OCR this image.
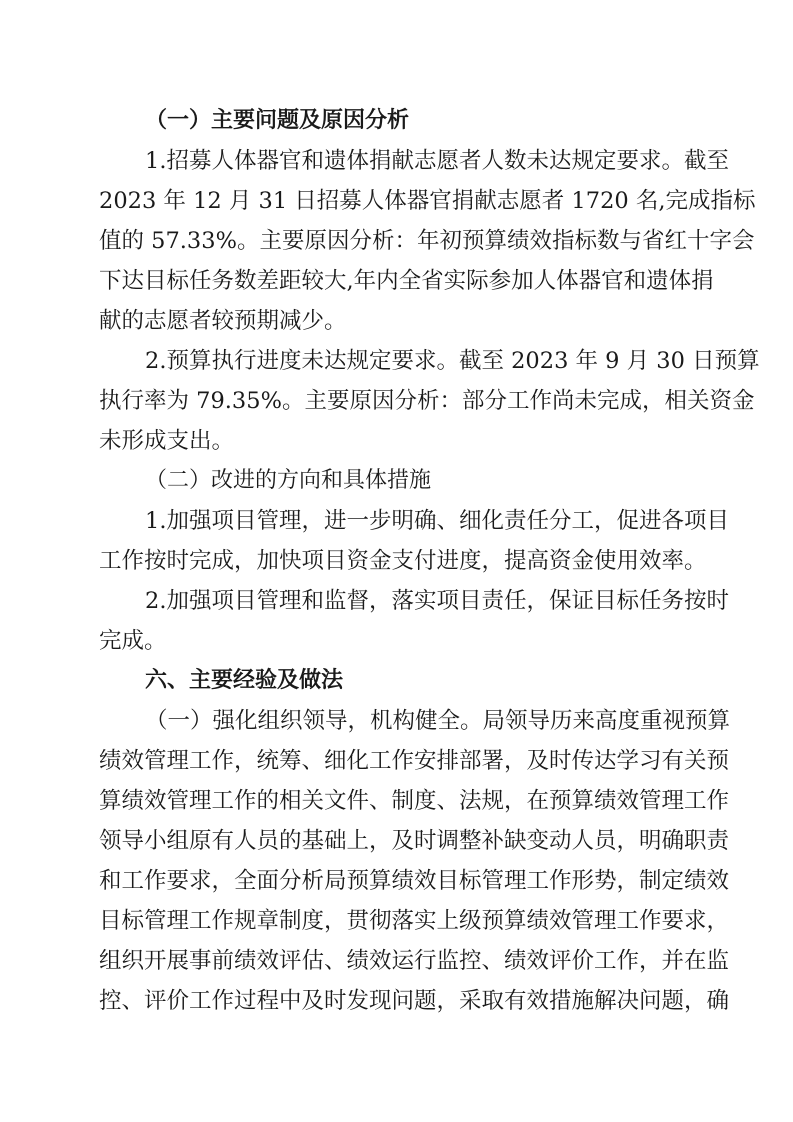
（一）主要问题及原因分析
1.招募人体器官和遗体捐献志愿者人数未达规定要求。截至
2023 年 12 月 31 日招募人体器官捐献志愿者 1720 名,完成指标
值的 57.33%。主要原因分析：年初预算绩效指标数与省红十字会
下达目标任务数差距较大,年内全省实际参加人体器官和遗体捐
献的志愿者较预期减少。
2.预算执行进度未达规定要求。截至 2023 年 9 月 30 日预算
执行率为 79.35%。主要原因分析：部分工作尚未完成，相关资金
未形成支出。
（二）改进的方向和具体措施
1.加强项目管理，进一步明确、细化责任分工，促进各项目
工作按时完成，加快项目资金支付进度，提高资金使用效率。
2.加强项目管理和监督，落实项目责任，保证目标任务按时
完成。
六、主要经验及做法
（一）强化组织领导，机构健全。局领导历来高度重视预算
绩效管理工作，统筹、细化工作安排部署，及时传达学习有关预
算绩效管理工作的相关文件、制度、法规，在预算绩效管理工作
领导小组原有人员的基础上，及时调整补缺变动人员，明确职责
和工作要求，全面分析局预算绩效目标管理工作形势，制定绩效
目标管理工作规章制度，贯彻落实上级预算绩效管理工作要求，
组织开展事前绩效评估、绩效运行监控、绩效评价工作，并在监
控、评价工作过程中及时发现问题，采取有效措施解决问题，确
